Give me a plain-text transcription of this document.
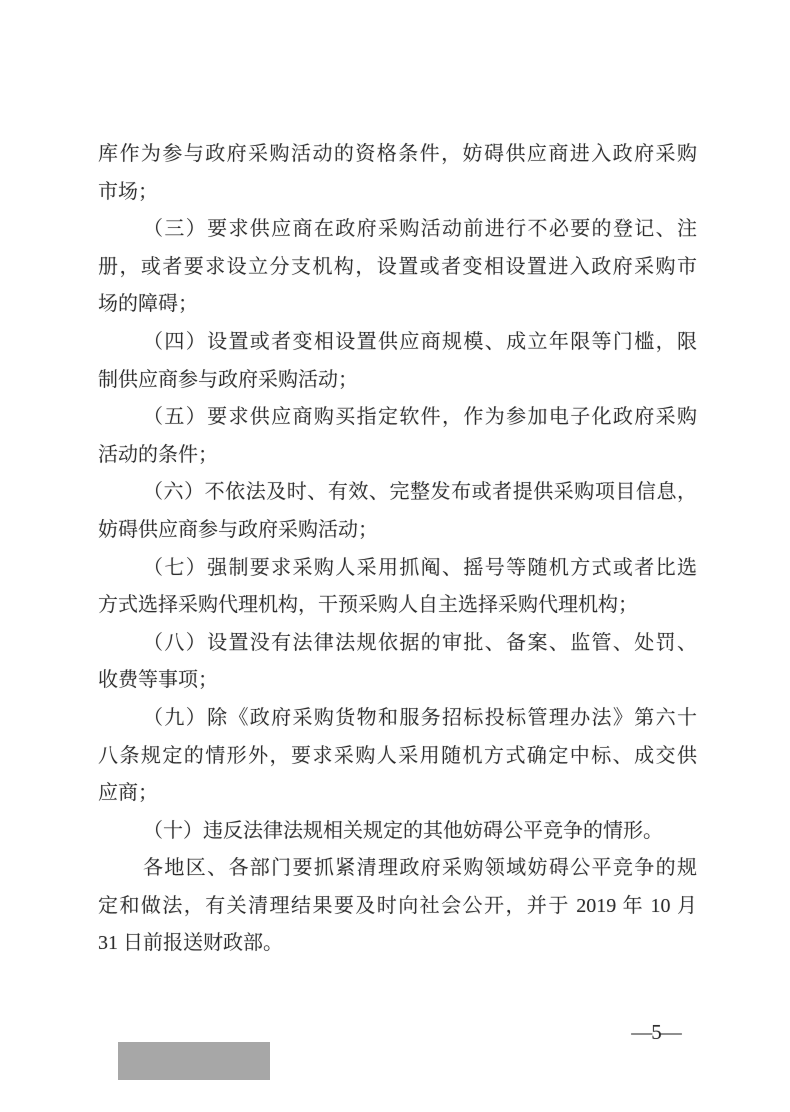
库作为参与政府采购活动的资格条件，妨碍供应商进入政府采购
市场；
（三）要求供应商在政府采购活动前进行不必要的登记、注
册，或者要求设立分支机构，设置或者变相设置进入政府采购市
场的障碍；
（四）设置或者变相设置供应商规模、成立年限等门槛，限
制供应商参与政府采购活动；
（五）要求供应商购买指定软件，作为参加电子化政府采购
活动的条件；
（六）不依法及时、有效、完整发布或者提供采购项目信息，
妨碍供应商参与政府采购活动；
（七）强制要求采购人采用抓阄、摇号等随机方式或者比选
方式选择采购代理机构，干预采购人自主选择采购代理机构；
（八）设置没有法律法规依据的审批、备案、监管、处罚、
收费等事项；
（九）除《政府采购货物和服务招标投标管理办法》第六十
八条规定的情形外，要求采购人采用随机方式确定中标、成交供
应商；
（十）违反法律法规相关规定的其他妨碍公平竞争的情形。
各地区、各部门要抓紧清理政府采购领域妨碍公平竞争的规
定和做法，有关清理结果要及时向社会公开，并于 2019 年 10 月
31 日前报送财政部。
—5—
